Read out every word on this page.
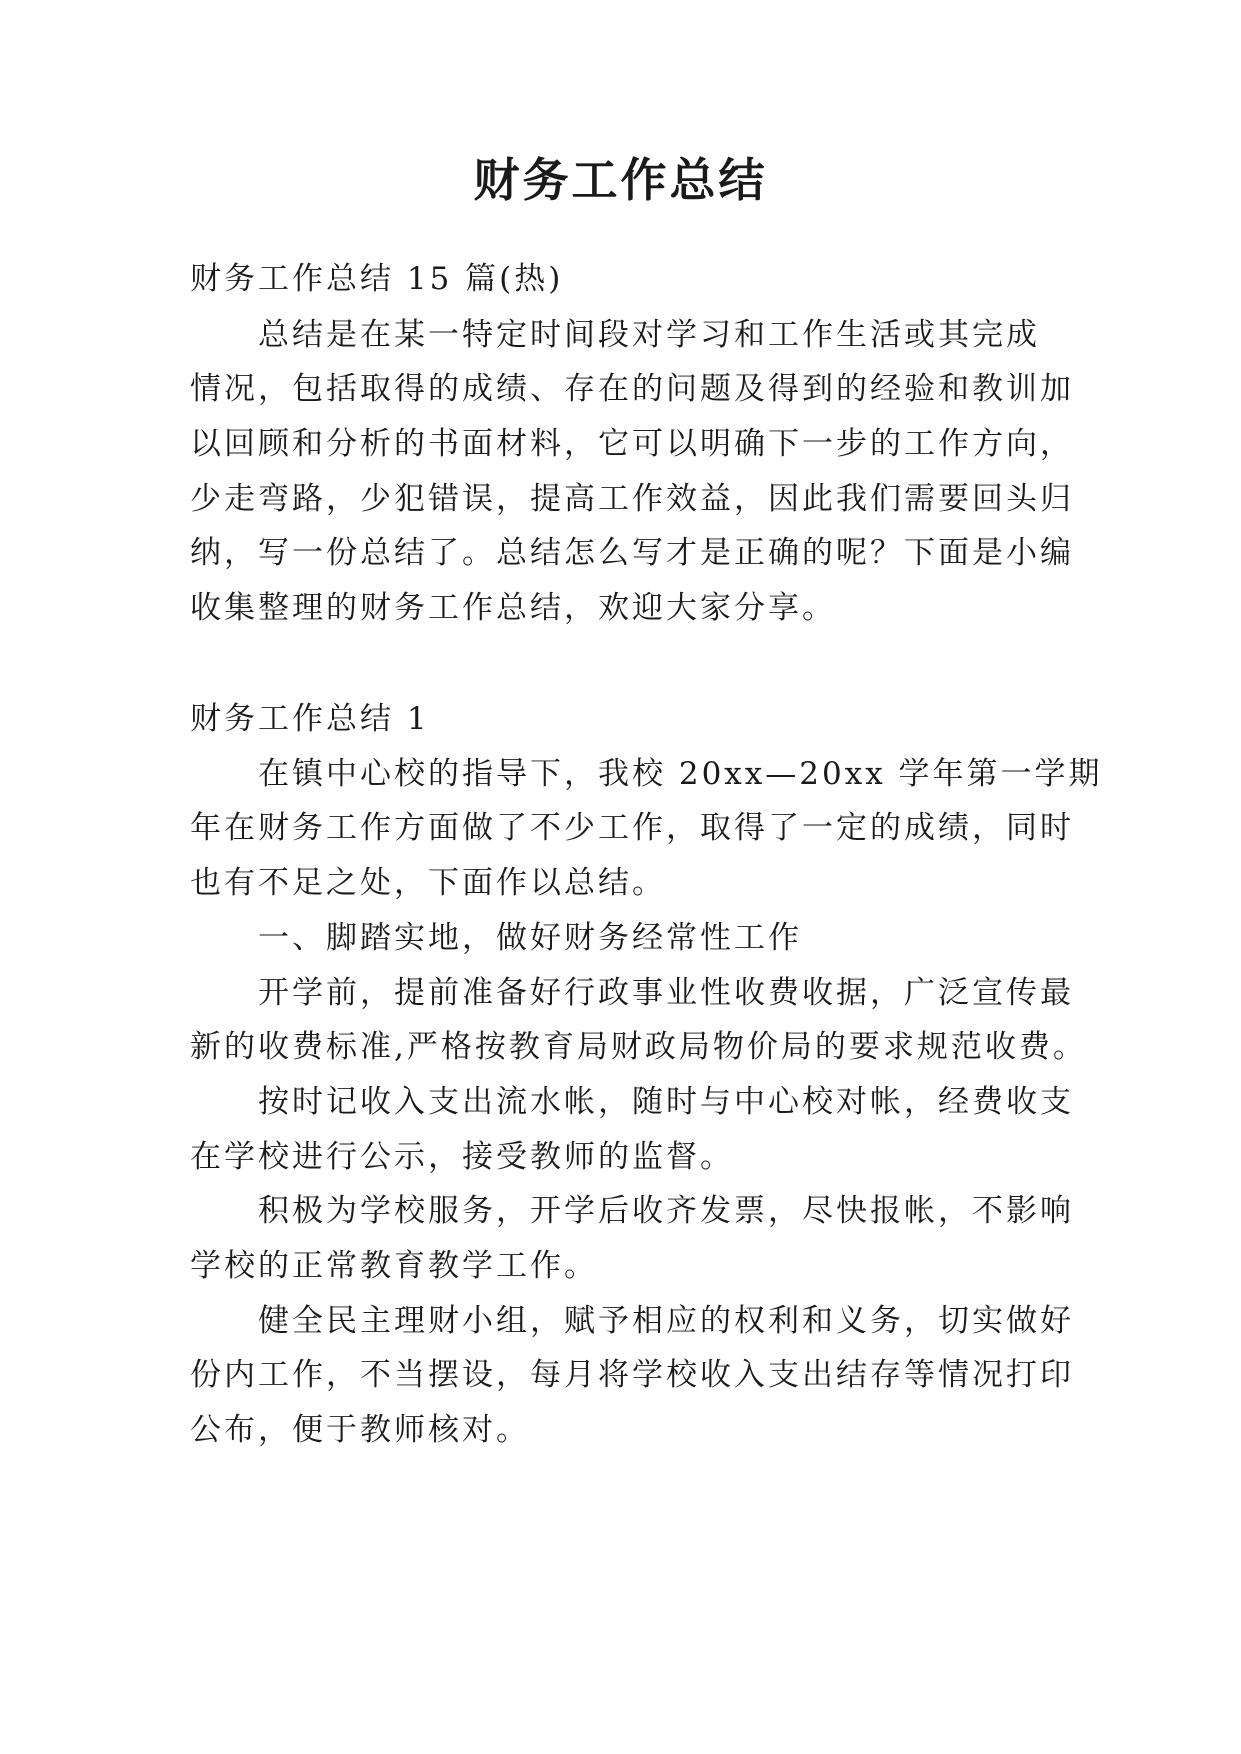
财务工作总结
财务工作总结 15 篇(热)
总结是在某一特定时间段对学习和工作生活或其完成
情况，包括取得的成绩、存在的问题及得到的经验和教训加
以回顾和分析的书面材料，它可以明确下一步的工作方向，
少走弯路，少犯错误，提高工作效益，因此我们需要回头归
纳，写一份总结了。总结怎么写才是正确的呢？下面是小编
收集整理的财务工作总结，欢迎大家分享。
财务工作总结 1
在镇中心校的指导下，我校 20xx—20xx 学年第一学期
年在财务工作方面做了不少工作，取得了一定的成绩，同时
也有不足之处，下面作以总结。
一、脚踏实地，做好财务经常性工作
开学前，提前准备好行政事业性收费收据，广泛宣传最
新的收费标准,严格按教育局财政局物价局的要求规范收费。
按时记收入支出流水帐，随时与中心校对帐，经费收支
在学校进行公示，接受教师的监督。
积极为学校服务，开学后收齐发票，尽快报帐，不影响
学校的正常教育教学工作。
健全民主理财小组，赋予相应的权利和义务，切实做好
份内工作，不当摆设，每月将学校收入支出结存等情况打印
公布，便于教师核对。
